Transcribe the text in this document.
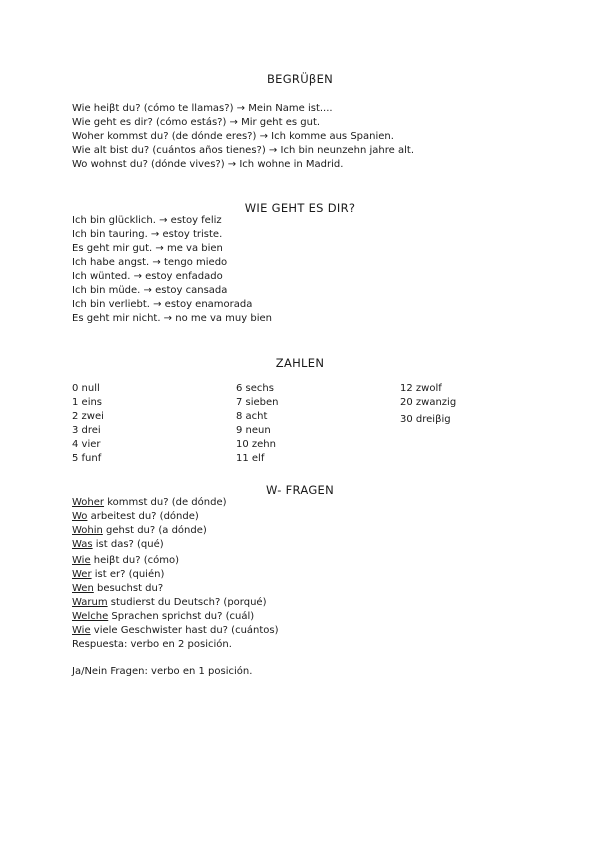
BEGRÜβEN

Wie heiβt du? (cómo te llamas?) → Mein Name ist....

Wie geht es dir? (cómo estás?) → Mir geht es gut.

Woher kommst du? (de dónde eres?) → Ich komme aus Spanien.

Wie alt bist du? (cuántos años tienes?) → Ich bin neunzehn jahre alt.

Wo wohnst du? (dónde vives?) → Ich wohne in Madrid.

WIE GEHT ES DIR?

Ich bin glücklich. → estoy feliz

Ich bin tauring. → estoy triste.

Es geht mir gut. → me va bien

Ich habe angst. → tengo miedo

Ich wünted. → estoy enfadado

Ich bin müde. → estoy cansada

Ich bin verliebt. → estoy enamorada

Es geht mir nicht. → no me va muy bien

ZAHLEN

0 null

1 eins

2 zwei

3 drei

4 vier

5 funf

6 sechs

7 sieben

8 acht

9 neun

10 zehn

11 elf

12 zwolf

20 zwanzig

30 dreiβig

W- FRAGEN

Woher kommst du? (de dónde)

Wo arbeitest du? (dónde)

Wohin gehst du? (a dónde)

Was ist das? (qué)

Wie heiβt du? (cómo)

Wer ist er? (quién)

Wen besuchst du?

Warum studierst du Deutsch? (porqué)

Welche Sprachen sprichst du? (cuál)

Wie viele Geschwister hast du? (cuántos)

Respuesta: verbo en 2 posición.

Ja/Nein Fragen: verbo en 1 posición.
